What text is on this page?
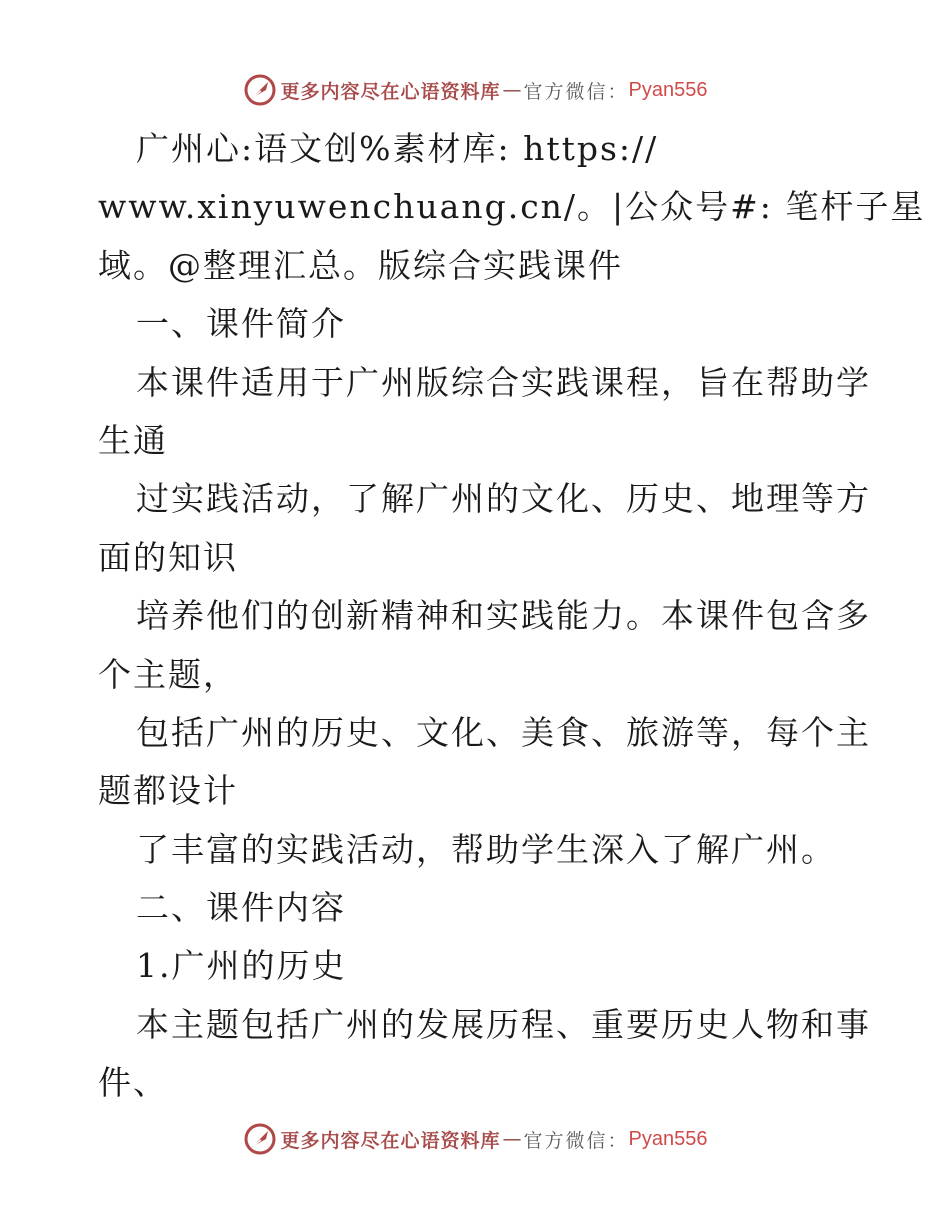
更多内容尽在心语资料库 — 官方微信： Pyan556
广州心:语文创%素材库: https://
www.xinyuwenchuang.cn/。|公众号#: 笔杆子星
域。@整理汇总。版综合实践课件
一、课件简介
本课件适用于广州版综合实践课程，旨在帮助学
生通
过实践活动，了解广州的文化、历史、地理等方
面的知识
培养他们的创新精神和实践能力。本课件包含多
个主题，
包括广州的历史、文化、美食、旅游等，每个主
题都设计
了丰富的实践活动，帮助学生深入了解广州。
二、课件内容
1.广州的历史
本主题包括广州的发展历程、重要历史人物和事
件、
更多内容尽在心语资料库 — 官方微信： Pyan556
